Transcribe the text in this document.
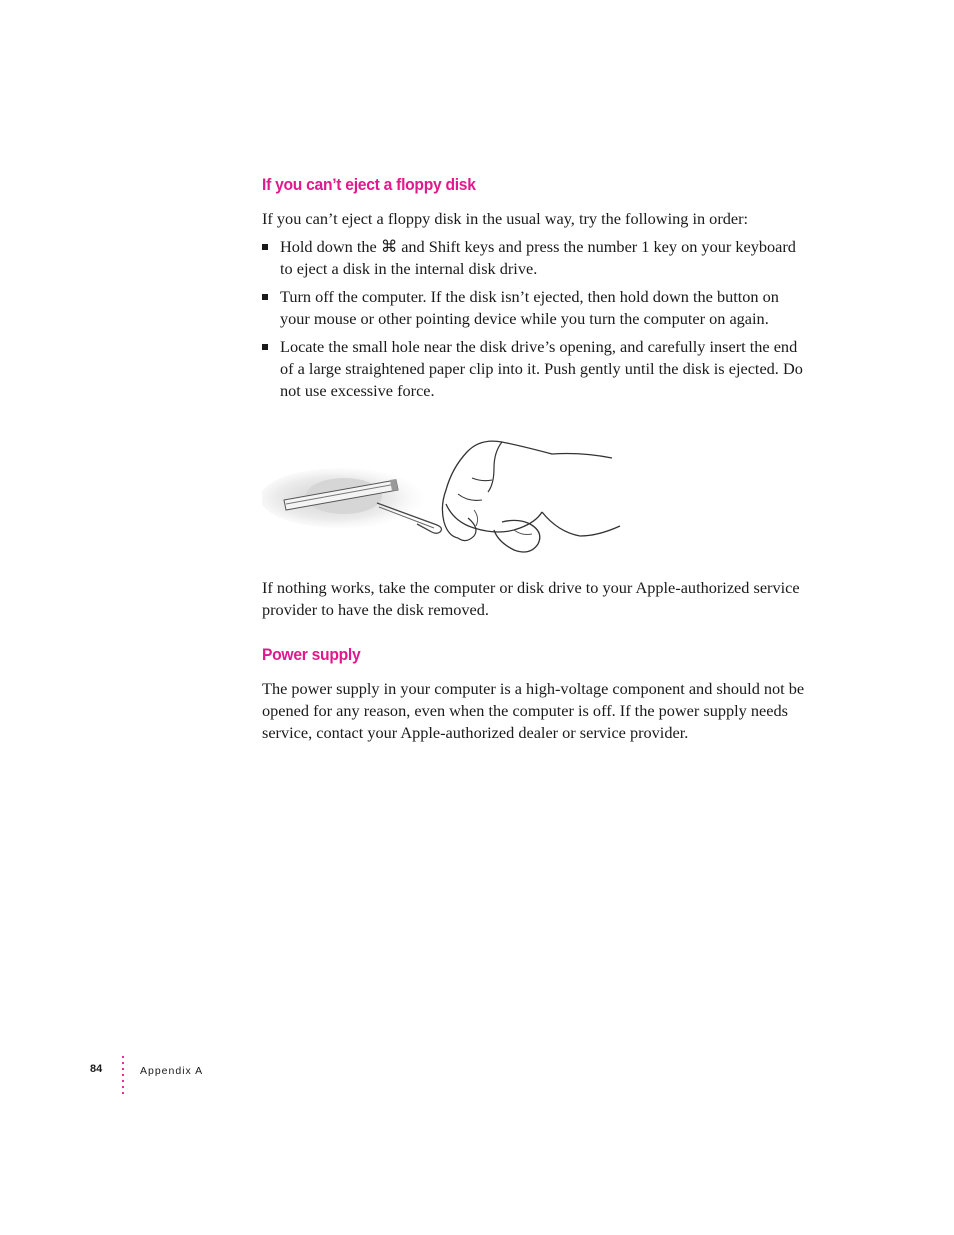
If you can’t eject a floppy disk

If you can’t eject a floppy disk in the usual way, try the following in order:

Hold down the ⌘ and Shift keys and press the number 1 key on your keyboard to eject a disk in the internal disk drive.
Turn off the computer. If the disk isn’t ejected, then hold down the button on your mouse or other pointing device while you turn the computer on again.
Locate the small hole near the disk drive’s opening, and carefully insert the end of a large straightened paper clip into it. Push gently until the disk is ejected. Do not use excessive force.

If nothing works, take the computer or disk drive to your Apple-authorized service provider to have the disk removed.

Power supply

The power supply in your computer is a high-voltage component and should not be opened for any reason, even when the computer is off. If the power supply needs service, contact your Apple-authorized dealer or service provider.

84	Appendix A
